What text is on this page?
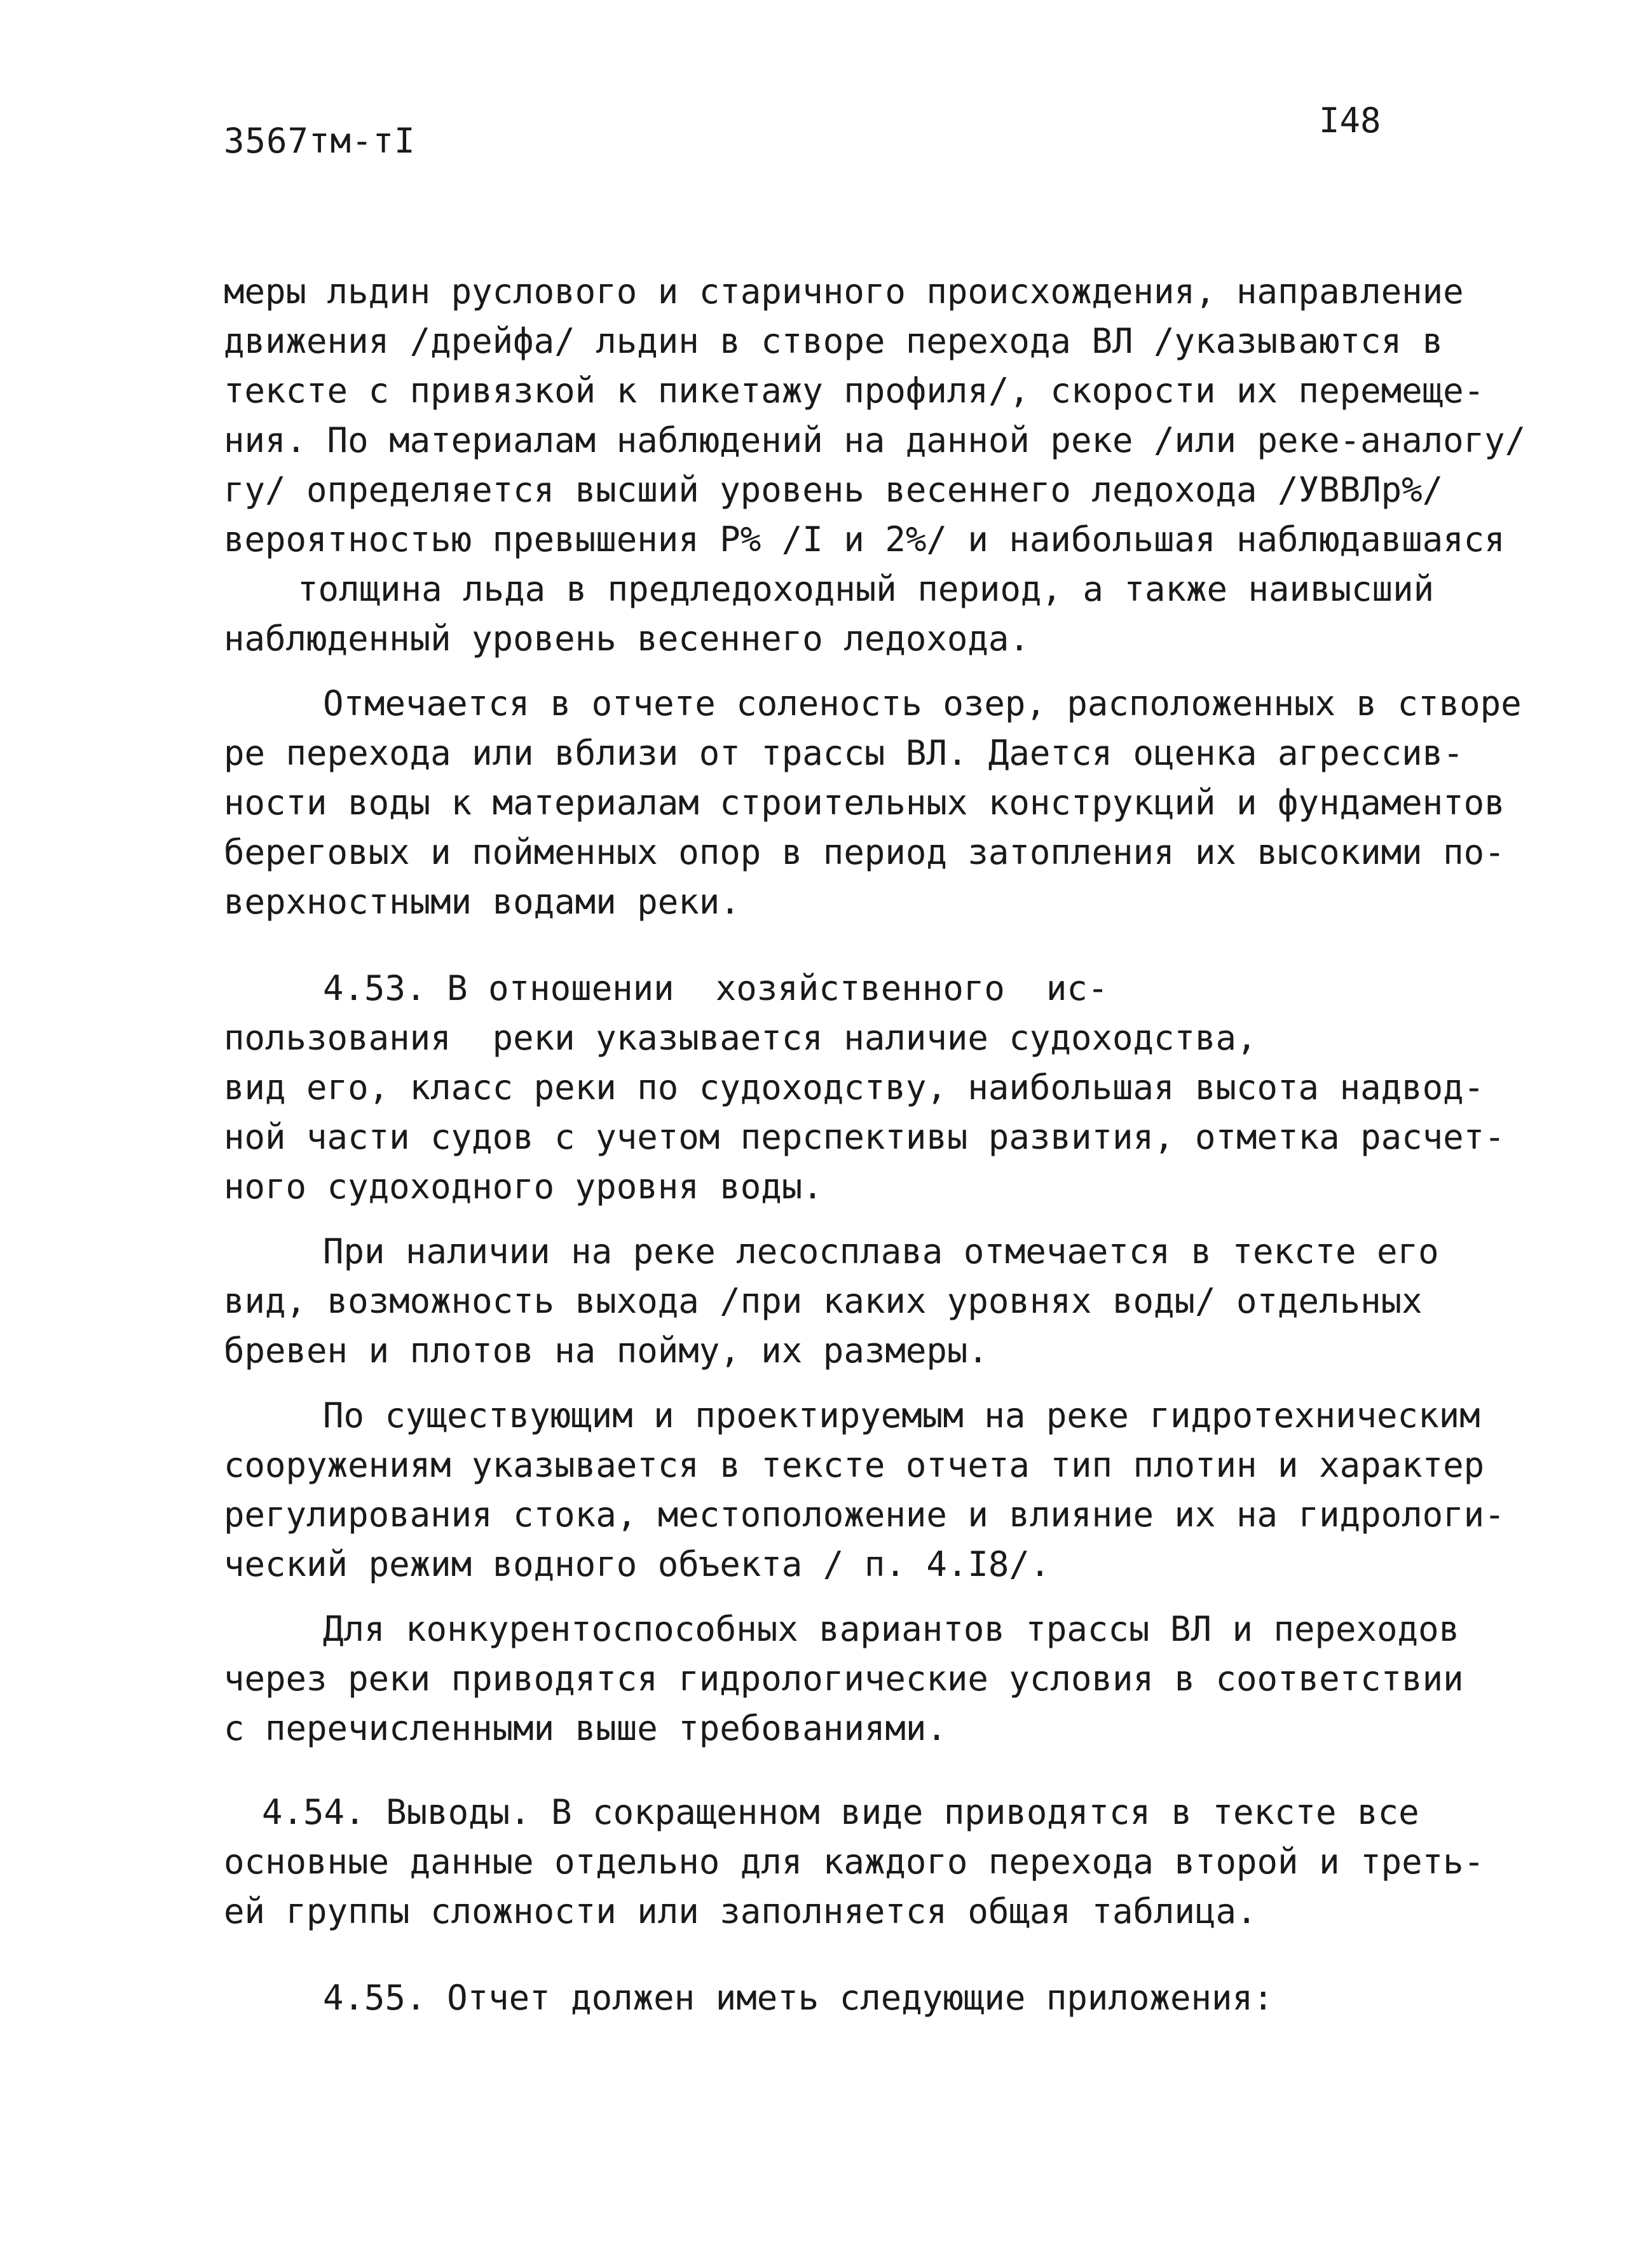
3567тм-тI
I48
меры льдин руслового и старичного происхождения, направление
движения /дрейфа/ льдин в створе перехода ВЛ /указываются в
тексте с привязкой к пикетажу профиля/, скорости их перемеще-
ния. По материалам наблюдений на данной реке /или реке-аналогу/
гу/ определяется высший уровень весеннего ледохода /УВВЛр%/
вероятностью превышения Р% /I и 2%/ и наибольшая наблюдавшаяся
толщина льда в предледоходный период, а также наивысший
наблюденный уровень весеннего ледохода.
Отмечается в отчете соленость озер, расположенных в створе
ре перехода или вблизи от трассы ВЛ. Дается оценка агрессив-
ности воды к материалам строительных конструкций и фундаментов
береговых и пойменных опор в период затопления их высокими по-
верхностными водами реки.
4.53. В отношении  хозяйственного  ис-
пользования  реки указывается наличие судоходства,
вид его, класс реки по судоходству, наибольшая высота надвод-
ной части судов с учетом перспективы развития, отметка расчет-
ного судоходного уровня воды.
При наличии на реке лесосплава отмечается в тексте его
вид, возможность выхода /при каких уровнях воды/ отдельных
бревен и плотов на пойму, их размеры.
По существующим и проектируемым на реке гидротехническим
сооружениям указывается в тексте отчета тип плотин и характер
регулирования стока, местоположение и влияние их на гидрологи-
ческий режим водного объекта / п. 4.I8/.
Для конкурентоспособных вариантов трассы ВЛ и переходов
через реки приводятся гидрологические условия в соответствии
с перечисленными выше требованиями.
4.54. Выводы. В сокращенном виде приводятся в тексте все
основные данные отдельно для каждого перехода второй и треть-
ей группы сложности или заполняется общая таблица.
4.55. Отчет должен иметь следующие приложения:
